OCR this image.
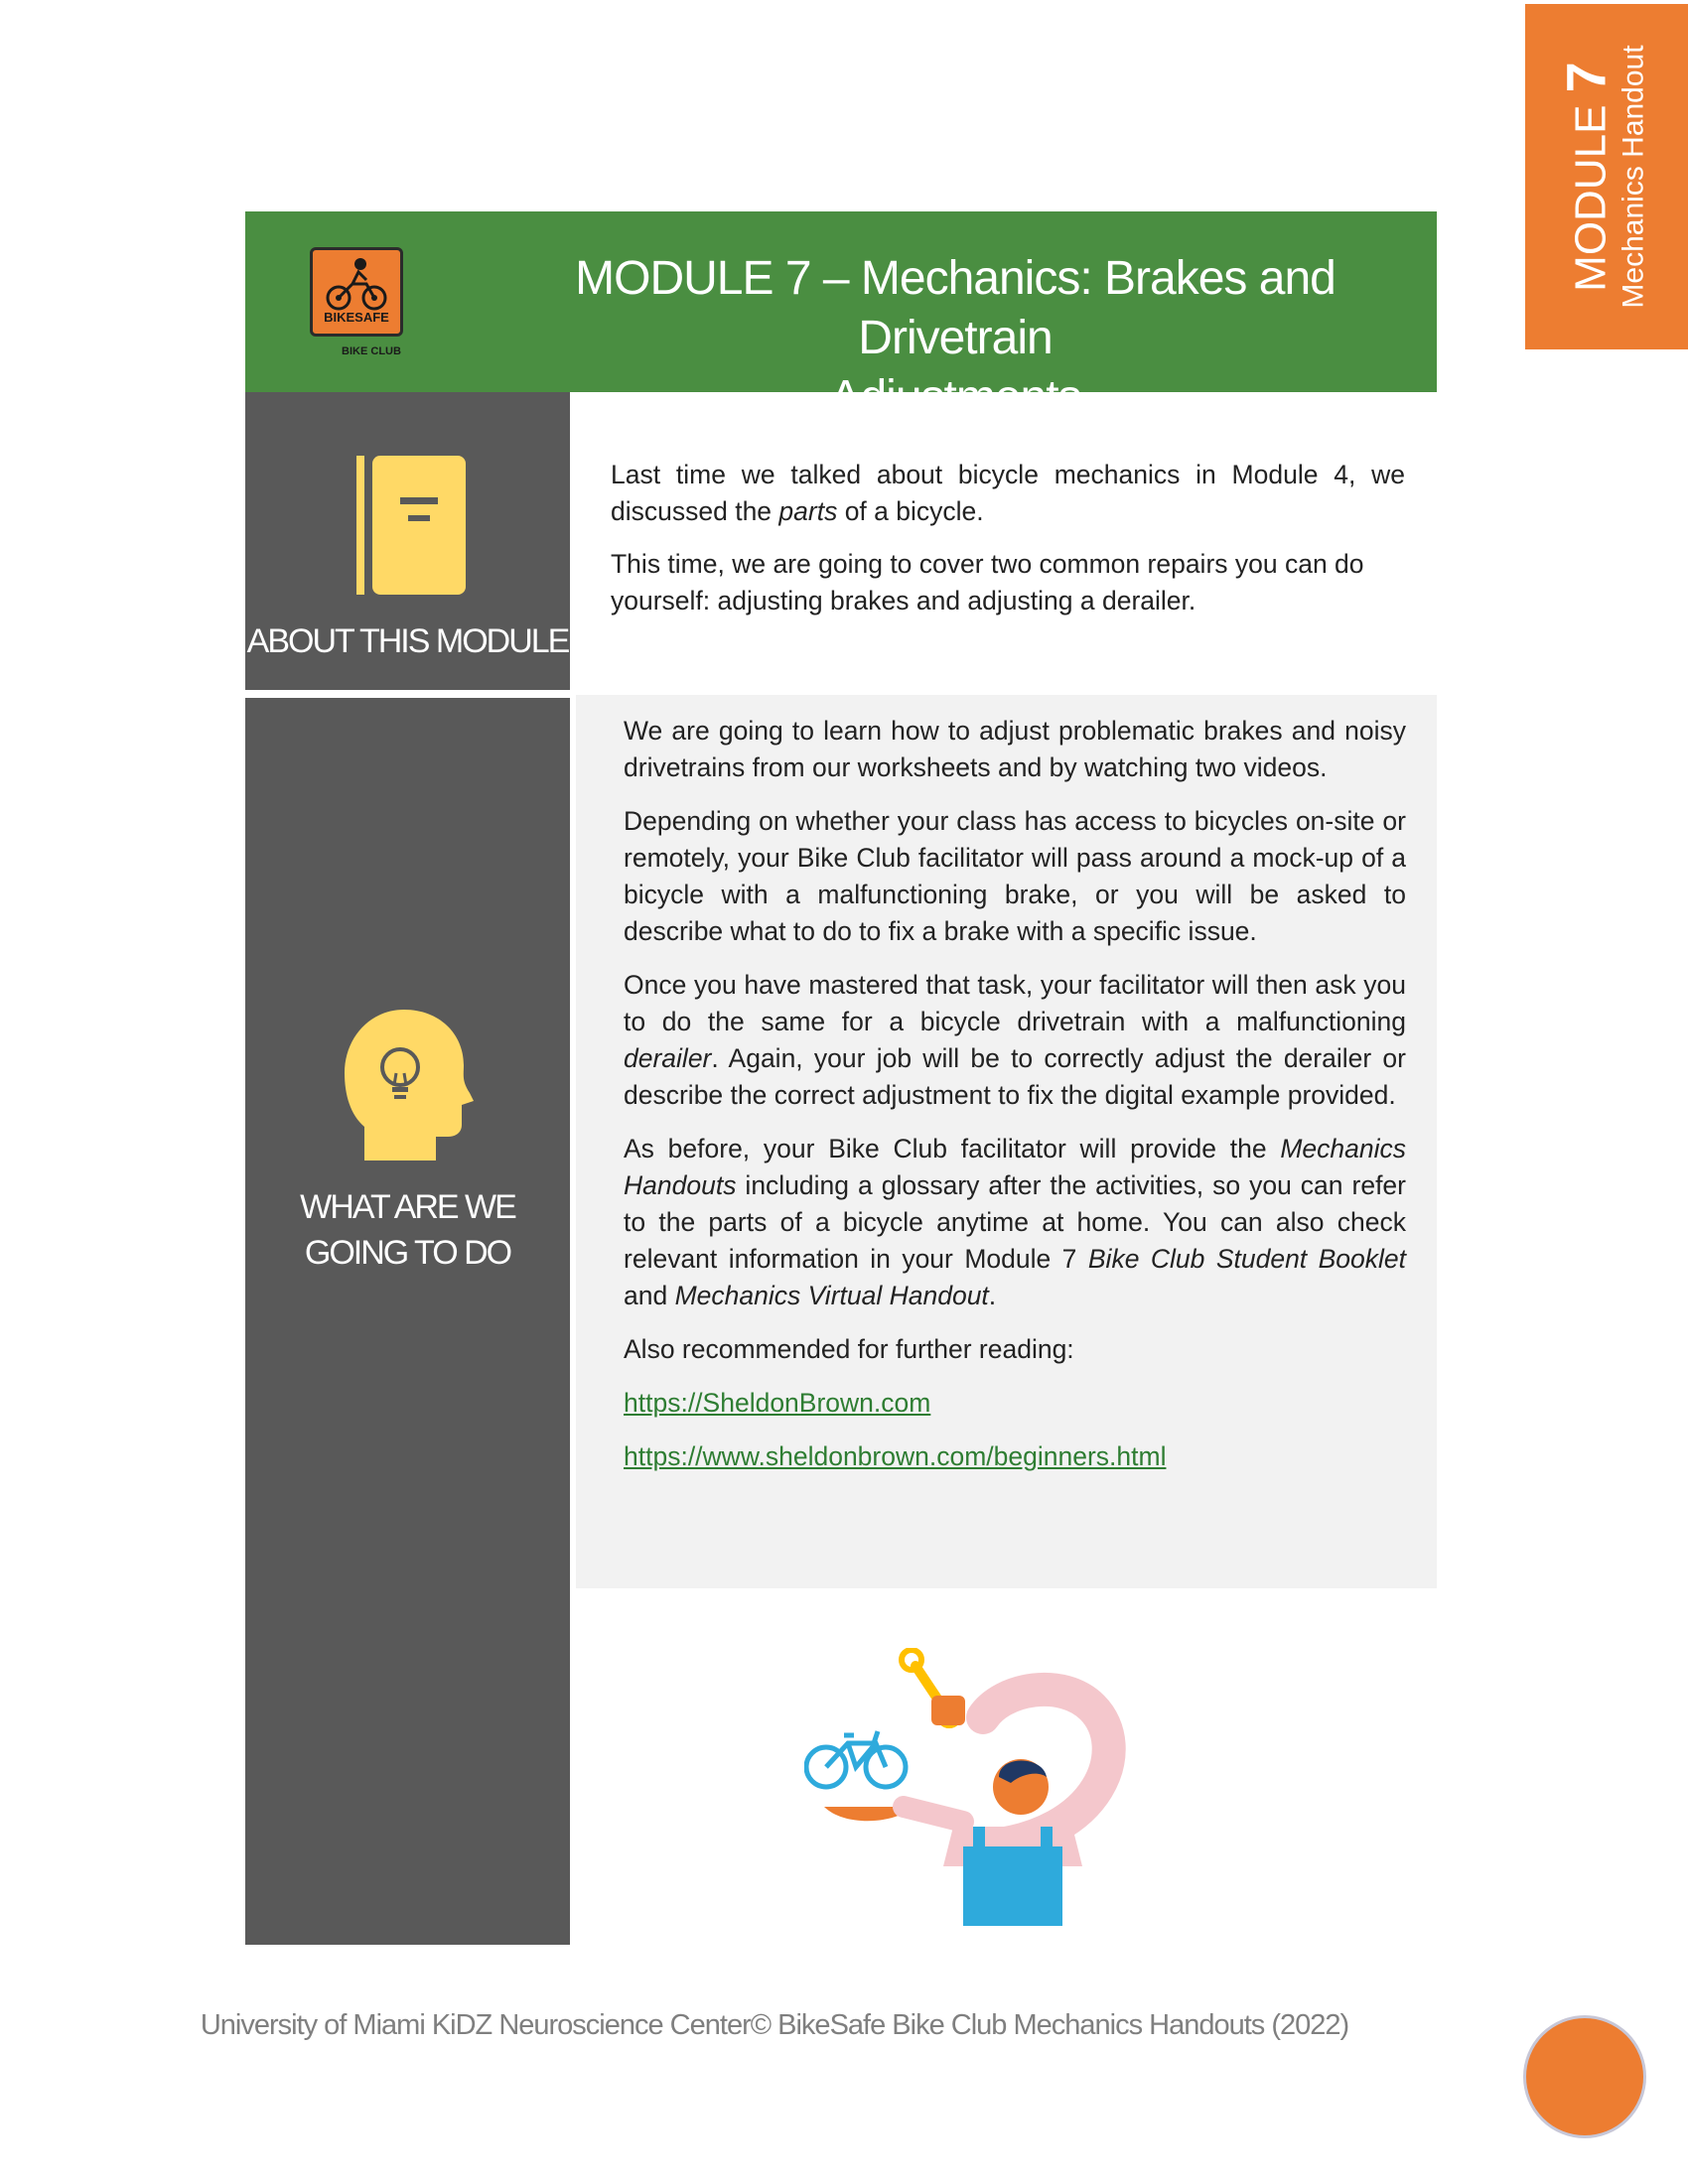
MODULE 7 Mechanics Handout
BIKESAFE
BIKE CLUB
MODULE 7 – Mechanics: Brakes and Drivetrain
Adjustments
ABOUT THIS MODULE
WHAT ARE WE
GOING TO DO

Last time we talked about bicycle mechanics in Module 4, we discussed the parts of a bicycle.

This time, we are going to cover two common repairs you can do yourself: adjusting brakes and adjusting a derailer.

We are going to learn how to adjust problematic brakes and noisy drivetrains from our worksheets and by watching two videos.

Depending on whether your class has access to bicycles on-site or remotely, your Bike Club facilitator will pass around a mock-up of a bicycle with a malfunctioning brake, or you will be asked to describe what to do to fix a brake with a specific issue.

Once you have mastered that task, your facilitator will then ask you to do the same for a bicycle drivetrain with a malfunctioning derailer. Again, your job will be to correctly adjust the derailer or describe the correct adjustment to fix the digital example provided.

As before, your Bike Club facilitator will provide the Mechanics Handouts including a glossary after the activities, so you can refer to the parts of a bicycle anytime at home. You can also check relevant information in your Module 7 Bike Club Student Booklet and Mechanics Virtual Handout.

Also recommended for further reading:

https://SheldonBrown.com

https://www.sheldonbrown.com/beginners.html

University of Miami KiDZ Neuroscience Center© BikeSafe Bike Club Mechanics Handouts (2022)
